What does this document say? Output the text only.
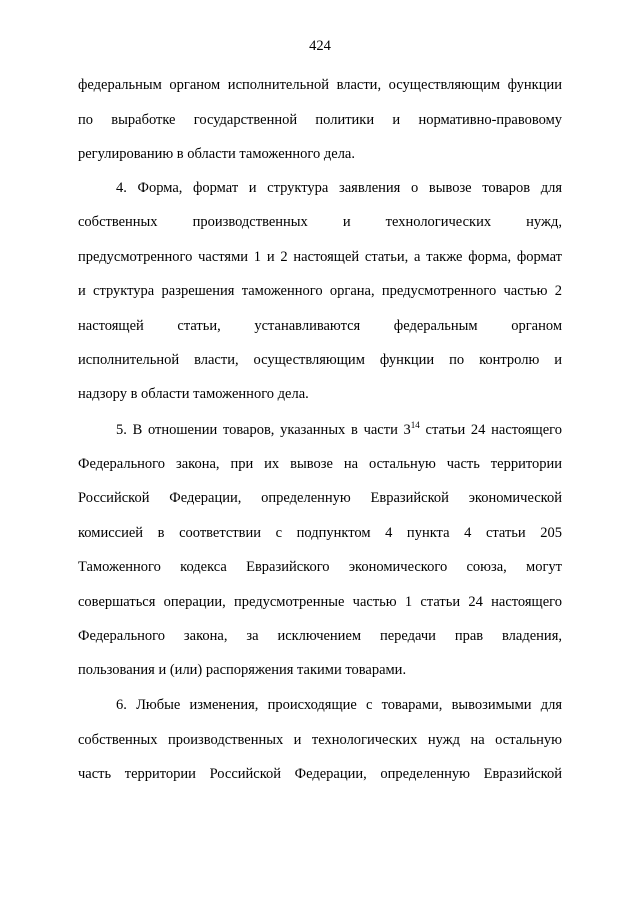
424
федеральным органом исполнительной власти, осуществляющим функции
по выработке государственной политики и нормативно-правовому
регулированию в области таможенного дела.
4. Форма, формат и структура заявления о вывозе товаров для
собственных производственных и технологических нужд,
предусмотренного частями 1 и 2 настоящей статьи, а также форма, формат
и структура разрешения таможенного органа, предусмотренного частью 2
настоящей статьи, устанавливаются федеральным органом
исполнительной власти, осуществляющим функции по контролю и
надзору в области таможенного дела.
5. В отношении товаров, указанных в части $3^{14}$ статьи 24 настоящего
Федерального закона, при их вывозе на остальную часть территории
Российской Федерации, определенную Евразийской экономической
комиссией в соответствии с подпунктом 4 пункта 4 статьи 205
Таможенного кодекса Евразийского экономического союза, могут
совершаться операции, предусмотренные частью 1 статьи 24 настоящего
Федерального закона, за исключением передачи прав владения,
пользования и (или) распоряжения такими товарами.
6. Любые изменения, происходящие с товарами, вывозимыми для
собственных производственных и технологических нужд на остальную
часть территории Российской Федерации, определенную Евразийской
